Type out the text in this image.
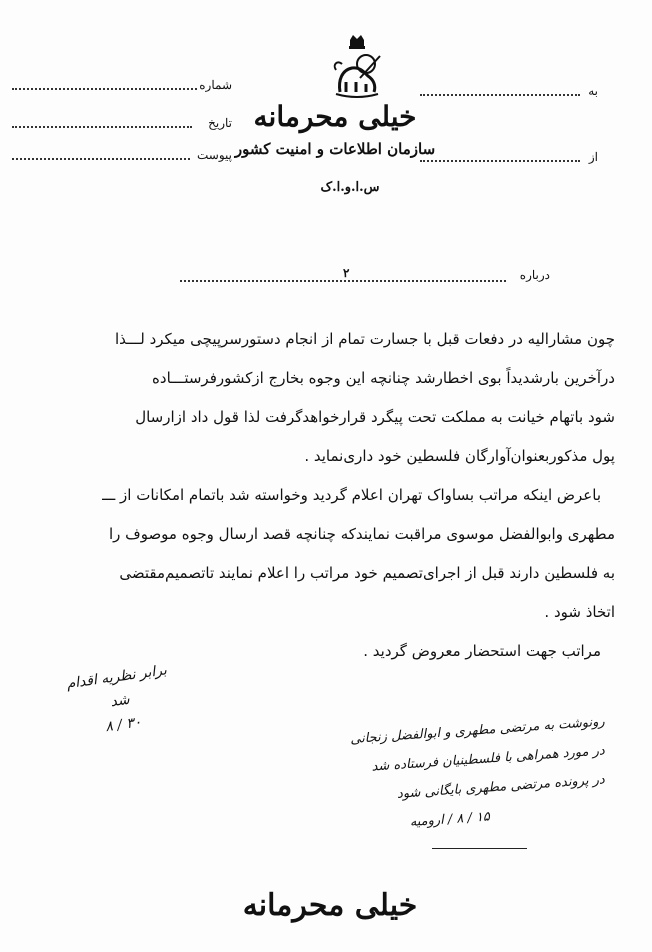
خیلی محرمانه
سازمان اطلاعات و امنیت کشور
س.ا.و.ا.ک
شماره
تاریخ
پیوست
به
از
درباره
۲

چون مشارالیه در دفعات قبل با جسارت تمام از انجام دستورسرپیچی میکرد لـــذا

درآخرین بارشدیداً بوی اخطارشد چنانچه این وجوه بخارج ازکشورفرستـــاده

شود باتهام خیانت به مملکت تحت پیگرد قرارخواهدگرفت لذا قول داد ازارسال

پول مذکوربعنوان‌آوارگان فلسطین خود داری‌نماید .

باعرض اینکه مراتب بساواک تهران اعلام گردید وخواسته شد باتمام امکانات از ـــ

مطهری وابوالفضل موسوی مراقبت نمایندکه چنانچه قصد ارسال وجوه موصوف را

به فلسطین دارند قبل از اجرای‌تصمیم خود مراتب را اعلام نمایند تاتصمیم‌مقتضی

اتخاذ شود .

مراتب جهت استحضار معروض گردید .

برابر نظریه اقدام شد
۳۰ / ۸	رونوشت به مرتضی مطهری و ابوالفضل زنجانی
در مورد همراهی با فلسطینیان فرستاده شد
در پرونده مرتضی مطهری بایگانی شود
۱۵ / ۸ / ارومیه
خیلی محرمانه
